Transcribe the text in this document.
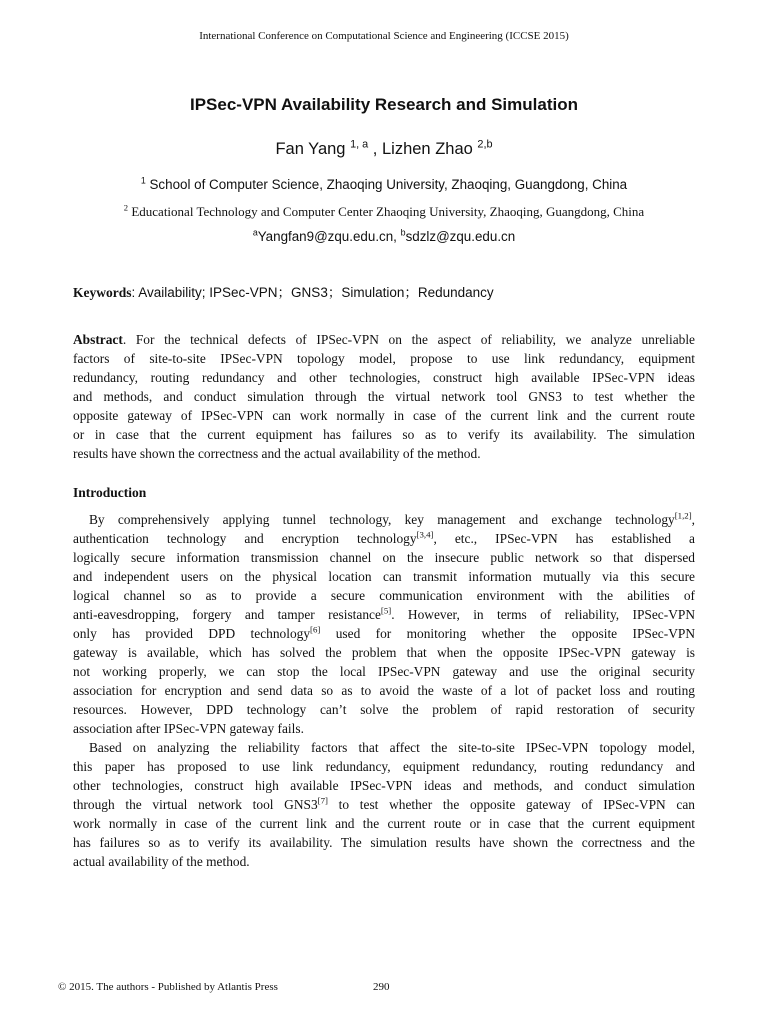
International Conference on Computational Science and Engineering (ICCSE 2015)
IPSec-VPN Availability Research and Simulation
Fan Yang $^{1, a}$ , Lizhen Zhao $^{2,b}$
$^1$ School of Computer Science, Zhaoqing University, Zhaoqing, Guangdong, China
$^2$ Educational Technology and Computer Center Zhaoqing University, Zhaoqing, Guangdong, China
$^a$Yangfan9@zqu.edu.cn, $^b$sdzlz@zqu.edu.cn
Keywords: Availability; IPSec-VPN；GNS3；Simulation；Redundancy
Abstract. For the technical defects of IPSec-VPN on the aspect of reliability, we analyze unreliable
factors of site-to-site IPSec-VPN topology model, propose to use link redundancy, equipment
redundancy, routing redundancy and other technologies, construct high available IPSec-VPN ideas
and methods, and conduct simulation through the virtual network tool GNS3 to test whether the
opposite gateway of IPSec-VPN can work normally in case of the current link and the current route
or in case that the current equipment has failures so as to verify its availability. The simulation
results have shown the correctness and the actual availability of the method.
Introduction
By comprehensively applying tunnel technology, key management and exchange technology[1,2],
authentication technology and encryption technology[3,4], etc., IPSec-VPN has established a
logically secure information transmission channel on the insecure public network so that dispersed
and independent users on the physical location can transmit information mutually via this secure
logical channel so as to provide a secure communication environment with the abilities of
anti-eavesdropping, forgery and tamper resistance[5]. However, in terms of reliability, IPSec-VPN
only has provided DPD technology[6] used for monitoring whether the opposite IPSec-VPN
gateway is available, which has solved the problem that when the opposite IPSec-VPN gateway is
not working properly, we can stop the local IPSec-VPN gateway and use the original security
association for encryption and send data so as to avoid the waste of a lot of packet loss and routing
resources. However, DPD technology can’t solve the problem of rapid restoration of security
association after IPSec-VPN gateway fails.
Based on analyzing the reliability factors that affect the site-to-site IPSec-VPN topology model,
this paper has proposed to use link redundancy, equipment redundancy, routing redundancy and
other technologies, construct high available IPSec-VPN ideas and methods, and conduct simulation
through the virtual network tool GNS3[7] to test whether the opposite gateway of IPSec-VPN can
work normally in case of the current link and the current route or in case that the current equipment
has failures so as to verify its availability. The simulation results have shown the correctness and the
actual availability of the method.
© 2015. The authors - Published by Atlantis Press	290
